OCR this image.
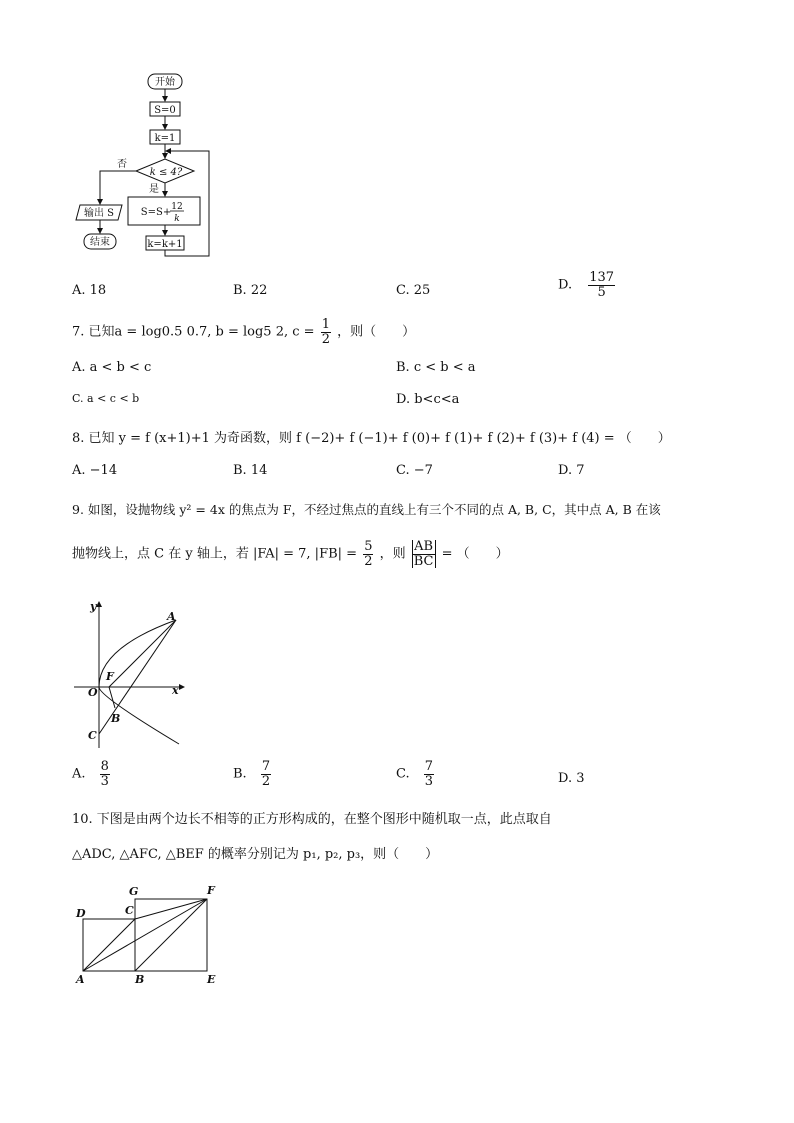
开始
S=0
k=1
k ≤ 4?
否
是
S=S+ 12
k
k=k+1
输出 S
结束
A. 18	B. 22	C. 25	D. $\frac{137}{5}$
7. 已知a = log0.5 0.7, b = log5 2, $c = \frac{1}{2}$ ，则（　　）
A. a < b < c	B. c < b < a
C. a < c < b	D. b<c<a
8. 已知 y = f (x+1)+1 为奇函数，则 f (−2)+ f (−1)+ f (0)+ f (1)+ f (2)+ f (3)+ f (4) = （　　）
A. −14	B. 14	C. −7	D. 7
9. 如图，设抛物线 y² = 4x 的焦点为 F，不经过焦点的直线上有三个不同的点 A, B, C，其中点 A, B 在该
抛物线上，点 C 在 y 轴上，若 |FA| = 7, $|FB| = \frac{5}{2}$ ，则 $\frac{AB}{BC}$ = （　　）
y
x
O
F
A
B
C
A. $\frac{8}{3}$	B. $\frac{7}{2}$	C. $\frac{7}{3}$	D. 3
10. 下图是由两个边长不相等的正方形构成的，在整个图形中随机取一点，此点取自
△ADC, △AFC, △BEF 的概率分别记为 p₁, p₂, p₃，则（　　）
D	C
G	F
A	B	E
